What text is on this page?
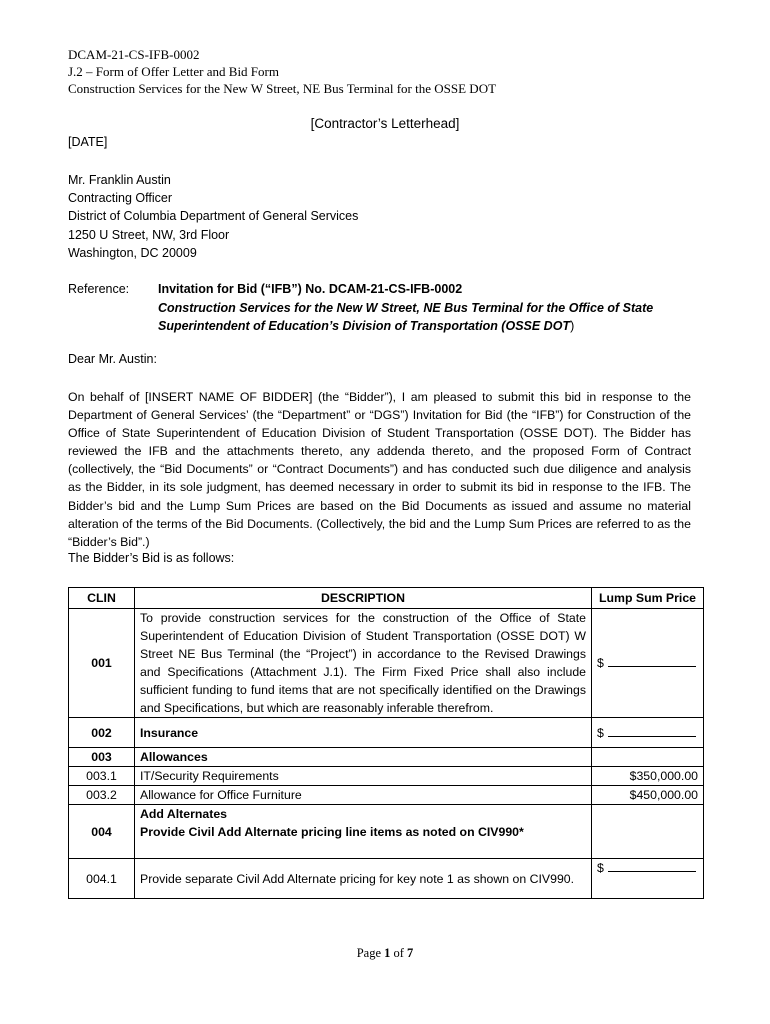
DCAM-21-CS-IFB-0002
J.2 – Form of Offer Letter and Bid Form
Construction Services for the New W Street, NE Bus Terminal for the OSSE DOT
[Contractor’s Letterhead]
[DATE]
Mr. Franklin Austin
Contracting Officer
District of Columbia Department of General Services
1250 U Street, NW, 3rd Floor
Washington, DC 20009
Reference: Invitation for Bid (“IFB”) No. DCAM-21-CS-IFB-0002
Construction Services for the New W Street, NE Bus Terminal for the Office of State Superintendent of Education’s Division of Transportation (OSSE DOT)
Dear Mr. Austin:
On behalf of [INSERT NAME OF BIDDER] (the “Bidder”), I am pleased to submit this bid in response to the Department of General Services’ (the “Department” or “DGS”) Invitation for Bid (the “IFB”) for Construction of the Office of State Superintendent of Education Division of Student Transportation (OSSE DOT). The Bidder has reviewed the IFB and the attachments thereto, any addenda thereto, and the proposed Form of Contract (collectively, the “Bid Documents” or “Contract Documents”) and has conducted such due diligence and analysis as the Bidder, in its sole judgment, has deemed necessary in order to submit its bid in response to the IFB. The Bidder’s bid and the Lump Sum Prices are based on the Bid Documents as issued and assume no material alteration of the terms of the Bid Documents. (Collectively, the bid and the Lump Sum Prices are referred to as the “Bidder’s Bid”.)
The Bidder’s Bid is as follows:
CLIN	DESCRIPTION	Lump Sum Price
001	To provide construction services for the construction of the Office of State Superintendent of Education Division of Student Transportation (OSSE DOT) W Street NE Bus Terminal (the “Project”) in accordance to the Revised Drawings and Specifications (Attachment J.1). The Firm Fixed Price shall also include sufficient funding to fund items that are not specifically identified on the Drawings and Specifications, but which are reasonably inferable therefrom.	$
002	Insurance	$
003	Allowances	
003.1	IT/Security Requirements	$350,000.00
003.2	Allowance for Office Furniture	$450,000.00
004	Add Alternates
Provide Civil Add Alternate pricing line items as noted on CIV990*	

004.1	Provide separate Civil Add Alternate pricing for key note 1 as shown on CIV990.	$
Page 1 of 7
